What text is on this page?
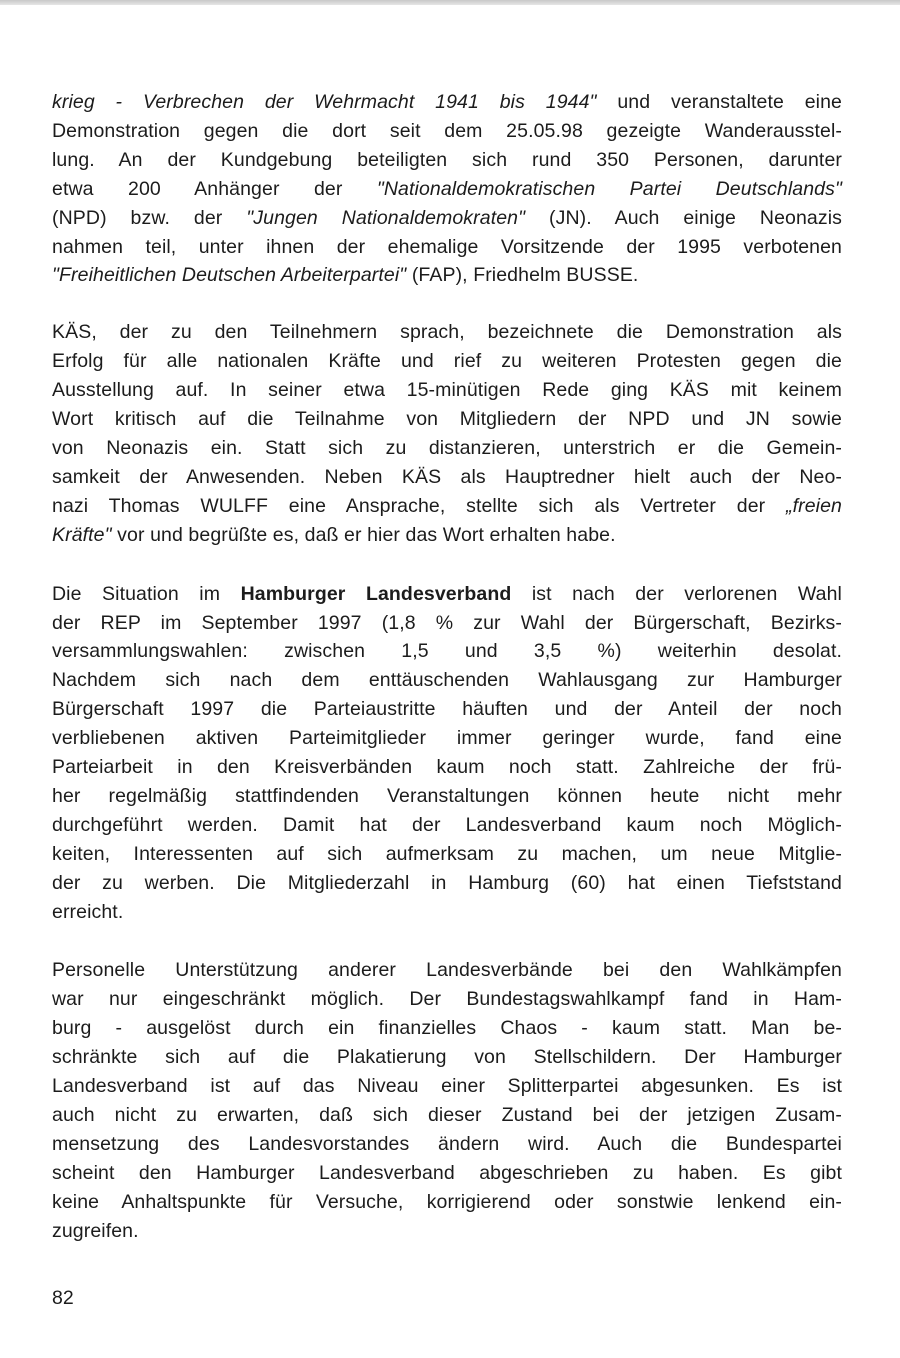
krieg - Verbrechen der Wehrmacht 1941 bis 1944" und veranstaltete eine
Demonstration gegen die dort seit dem 25.05.98 gezeigte Wanderausstel-
lung. An der Kundgebung beteiligten sich rund 350 Personen, darunter
etwa 200 Anhänger der "Nationaldemokratischen Partei Deutschlands"
(NPD) bzw. der "Jungen Nationaldemokraten" (JN). Auch einige Neonazis
nahmen teil, unter ihnen der ehemalige Vorsitzende der 1995 verbotenen
"Freiheitlichen Deutschen Arbeiterpartei" (FAP), Friedhelm BUSSE.

KÄS, der zu den Teilnehmern sprach, bezeichnete die Demonstration als
Erfolg für alle nationalen Kräfte und rief zu weiteren Protesten gegen die
Ausstellung auf. In seiner etwa 15-minütigen Rede ging KÄS mit keinem
Wort kritisch auf die Teilnahme von Mitgliedern der NPD und JN sowie
von Neonazis ein. Statt sich zu distanzieren, unterstrich er die Gemein-
samkeit der Anwesenden. Neben KÄS als Hauptredner hielt auch der Neo-
nazi Thomas WULFF eine Ansprache, stellte sich als Vertreter der „freien
Kräfte" vor und begrüßte es, daß er hier das Wort erhalten habe.

Die Situation im Hamburger Landesverband ist nach der verlorenen Wahl
der REP im September 1997 (1,8 % zur Wahl der Bürgerschaft, Bezirks-
versammlungswahlen: zwischen 1,5 und 3,5 %) weiterhin desolat.
Nachdem sich nach dem enttäuschenden Wahlausgang zur Hamburger
Bürgerschaft 1997 die Parteiaustritte häuften und der Anteil der noch
verbliebenen aktiven Parteimitglieder immer geringer wurde, fand eine
Parteiarbeit in den Kreisverbänden kaum noch statt. Zahlreiche der frü-
her regelmäßig stattfindenden Veranstaltungen können heute nicht mehr
durchgeführt werden. Damit hat der Landesverband kaum noch Möglich-
keiten, Interessenten auf sich aufmerksam zu machen, um neue Mitglie-
der zu werben. Die Mitgliederzahl in Hamburg (60) hat einen Tiefststand
erreicht.

Personelle Unterstützung anderer Landesverbände bei den Wahlkämpfen
war nur eingeschränkt möglich. Der Bundestagswahlkampf fand in Ham-
burg - ausgelöst durch ein finanzielles Chaos - kaum statt. Man be-
schränkte sich auf die Plakatierung von Stellschildern. Der Hamburger
Landesverband ist auf das Niveau einer Splitterpartei abgesunken. Es ist
auch nicht zu erwarten, daß sich dieser Zustand bei der jetzigen Zusam-
mensetzung des Landesvorstandes ändern wird. Auch die Bundespartei
scheint den Hamburger Landesverband abgeschrieben zu haben. Es gibt
keine Anhaltspunkte für Versuche, korrigierend oder sonstwie lenkend ein-
zugreifen.

82
